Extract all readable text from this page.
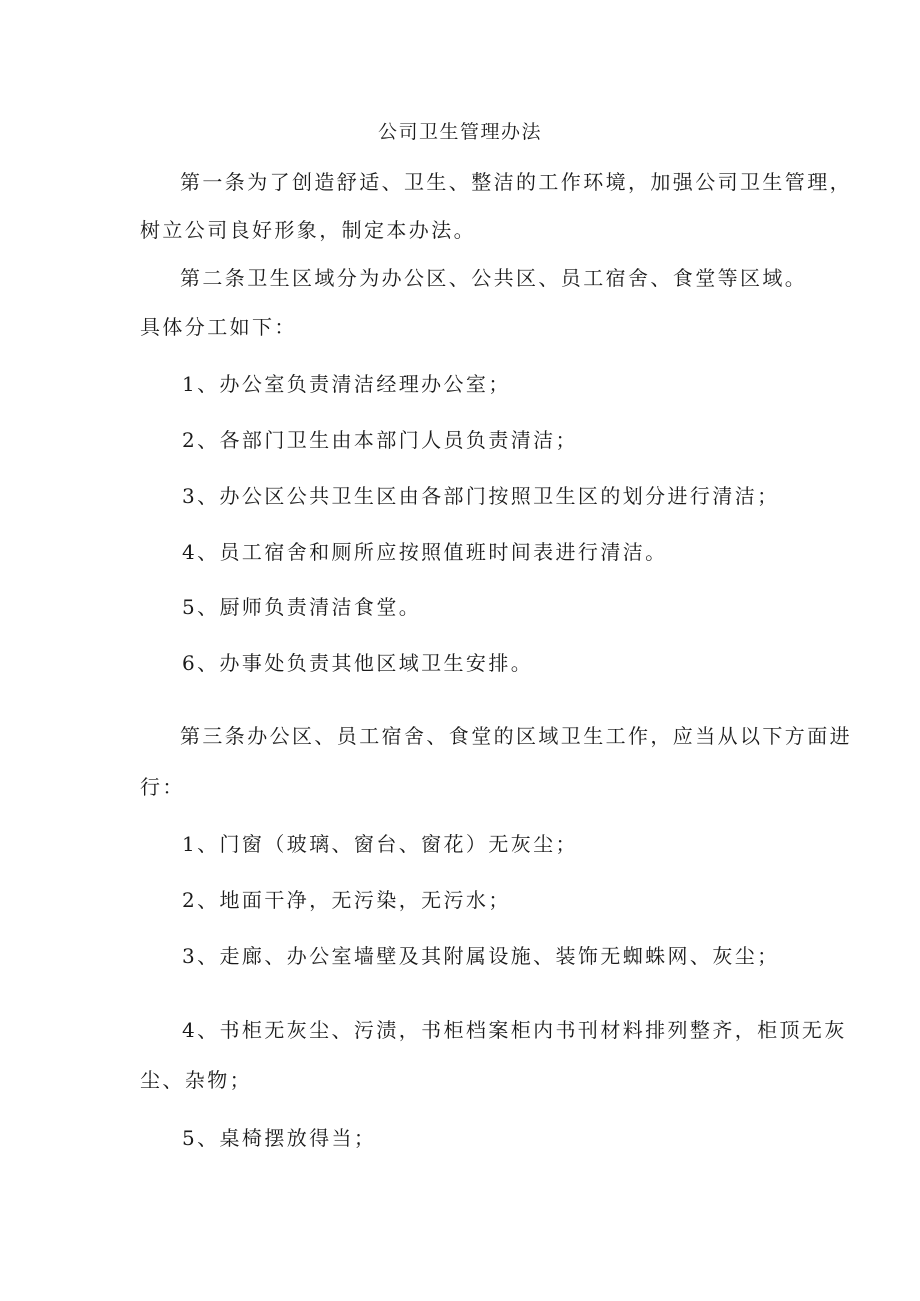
公司卫生管理办法
第一条为了创造舒适、卫生、整洁的工作环境，加强公司卫生管理，
树立公司良好形象，制定本办法。
第二条卫生区域分为办公区、公共区、员工宿舍、食堂等区域。
具体分工如下：
1、办公室负责清洁经理办公室；
2、各部门卫生由本部门人员负责清洁；
3、办公区公共卫生区由各部门按照卫生区的划分进行清洁；
4、员工宿舍和厕所应按照值班时间表进行清洁。
5、厨师负责清洁食堂。
6、办事处负责其他区域卫生安排。
第三条办公区、员工宿舍、食堂的区域卫生工作，应当从以下方面进
行：
1、门窗（玻璃、窗台、窗花）无灰尘；
2、地面干净，无污染，无污水；
3、走廊、办公室墙壁及其附属设施、装饰无蜘蛛网、灰尘；
4、书柜无灰尘、污渍，书柜档案柜内书刊材料排列整齐，柜顶无灰
尘、杂物；
5、桌椅摆放得当；
